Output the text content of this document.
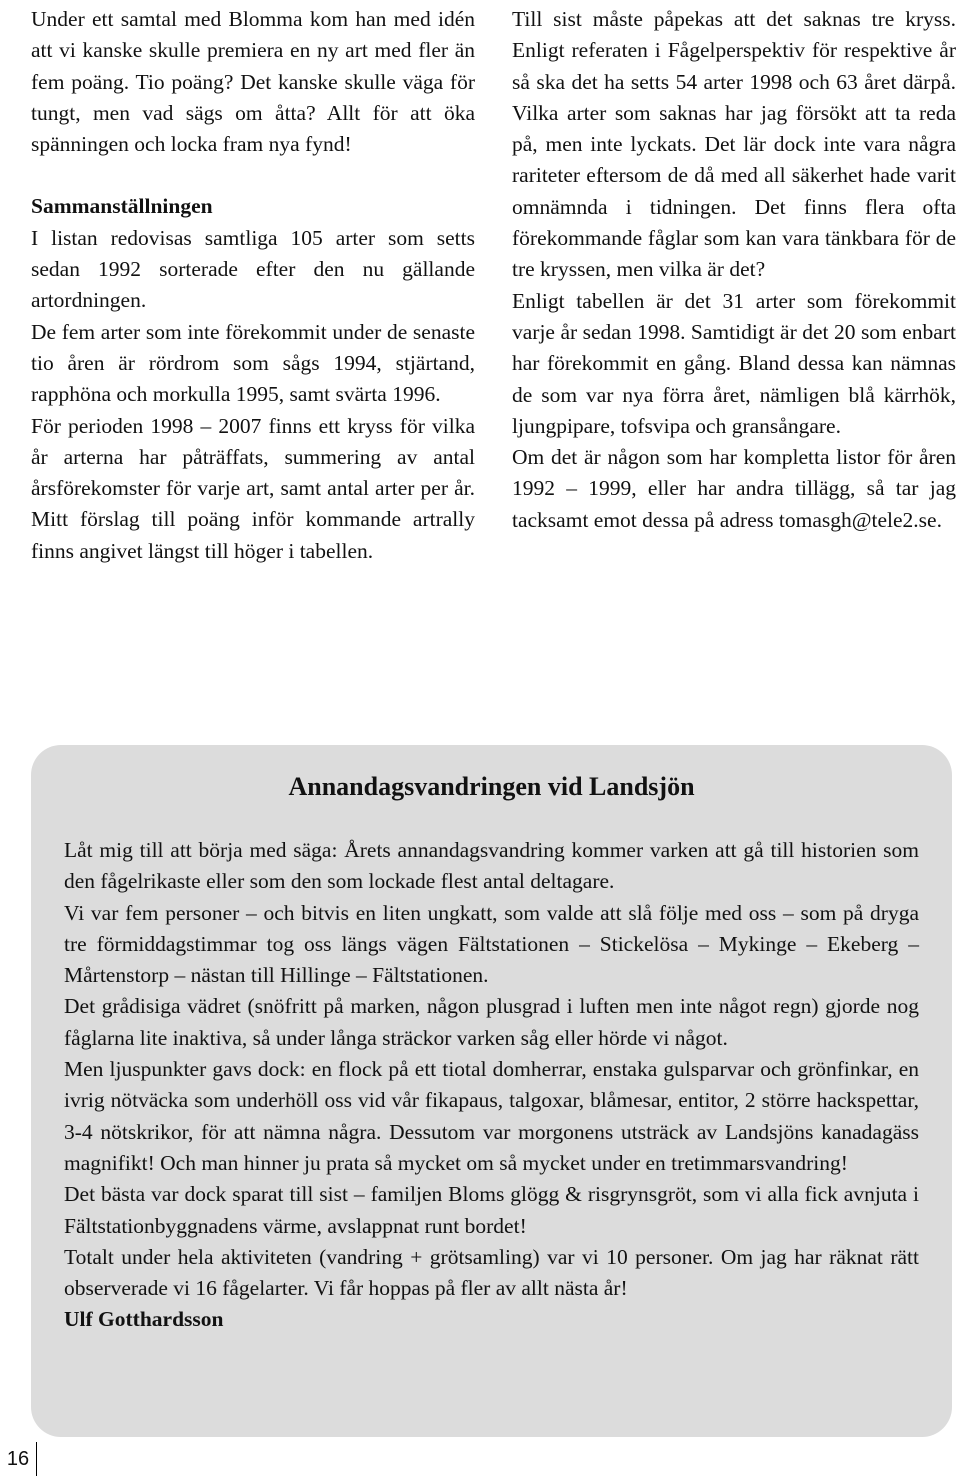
Under ett samtal med Blomma kom han med idén att vi kanske skulle premiera en ny art med fler än fem poäng. Tio poäng? Det kanske skulle väga för tungt, men vad sägs om åtta? Allt för att öka spänningen och locka fram nya fynd!

Sammanställningen

I listan redovisas samtliga 105 arter som setts sedan 1992 sorterade efter den nu gällande artordningen.

De fem arter som inte förekommit under de senaste tio åren är rördrom som sågs 1994, stjärtand, rapphöna och morkulla 1995, samt svärta 1996.

För perioden 1998 – 2007 finns ett kryss för vilka år arterna har påträffats, summering av antal årsförekomster för varje art, samt antal arter per år. Mitt förslag till poäng inför kommande artrally finns angivet längst till höger i tabellen.

Till sist måste påpekas att det saknas tre kryss. Enligt referaten i Fågelperspektiv för respektive år så ska det ha setts 54 arter 1998 och 63 året därpå. Vilka arter som saknas har jag försökt att ta reda på, men inte lyckats. Det lär dock inte vara några rariteter eftersom de då med all säkerhet hade varit omnämnda i tidningen. Det finns flera ofta förekommande fåglar som kan vara tänkbara för de tre kryssen, men vilka är det?

Enligt tabellen är det 31 arter som förekommit varje år sedan 1998. Samtidigt är det 20 som enbart har förekommit en gång. Bland dessa kan nämnas de som var nya förra året, nämligen blå kärrhök, ljungpipare, tofsvipa och gransångare.

Om det är någon som har kompletta listor för åren 1992 – 1999, eller har andra tillägg, så tar jag tacksamt emot dessa på adress tomasgh@tele2.se.

Annandagsvandringen vid Landsjön

Låt mig till att börja med säga: Årets annandagsvandring kommer varken att gå till historien som den fågelrikaste eller som den som lockade flest antal deltagare.

Vi var fem personer – och bitvis en liten ungkatt, som valde att slå följe med oss – som på dryga tre förmiddagstimmar tog oss längs vägen Fältstationen – Stickelösa – Mykinge – Ekeberg – Mårtenstorp – nästan till Hillinge – Fältstationen.

Det grådisiga vädret (snöfritt på marken, någon plusgrad i luften men inte något regn) gjorde nog fåglarna lite inaktiva, så under långa sträckor varken såg eller hörde vi något.

Men ljuspunkter gavs dock: en flock på ett tiotal domherrar, enstaka gulsparvar och grönfinkar, en ivrig nötväcka som underhöll oss vid vår fikapaus, talgoxar, blåmesar, entitor, 2 större hackspettar, 3-4 nötskrikor, för att nämna några. Dessutom var morgonens utsträck av Landsjöns kanadagäss magnifikt! Och man hinner ju prata så mycket om så mycket under en tretimmarsvandring!

Det bästa var dock sparat till sist – familjen Bloms glögg & risgrynsgröt, som vi alla fick avnjuta i Fältstationbyggnadens värme, avslappnat runt bordet!

Totalt under hela aktiviteten (vandring + grötsamling) var vi 10 personer. Om jag har räknat rätt observerade vi 16 fågelarter. Vi får hoppas på fler av allt nästa år!

Ulf Gotthardsson

16
